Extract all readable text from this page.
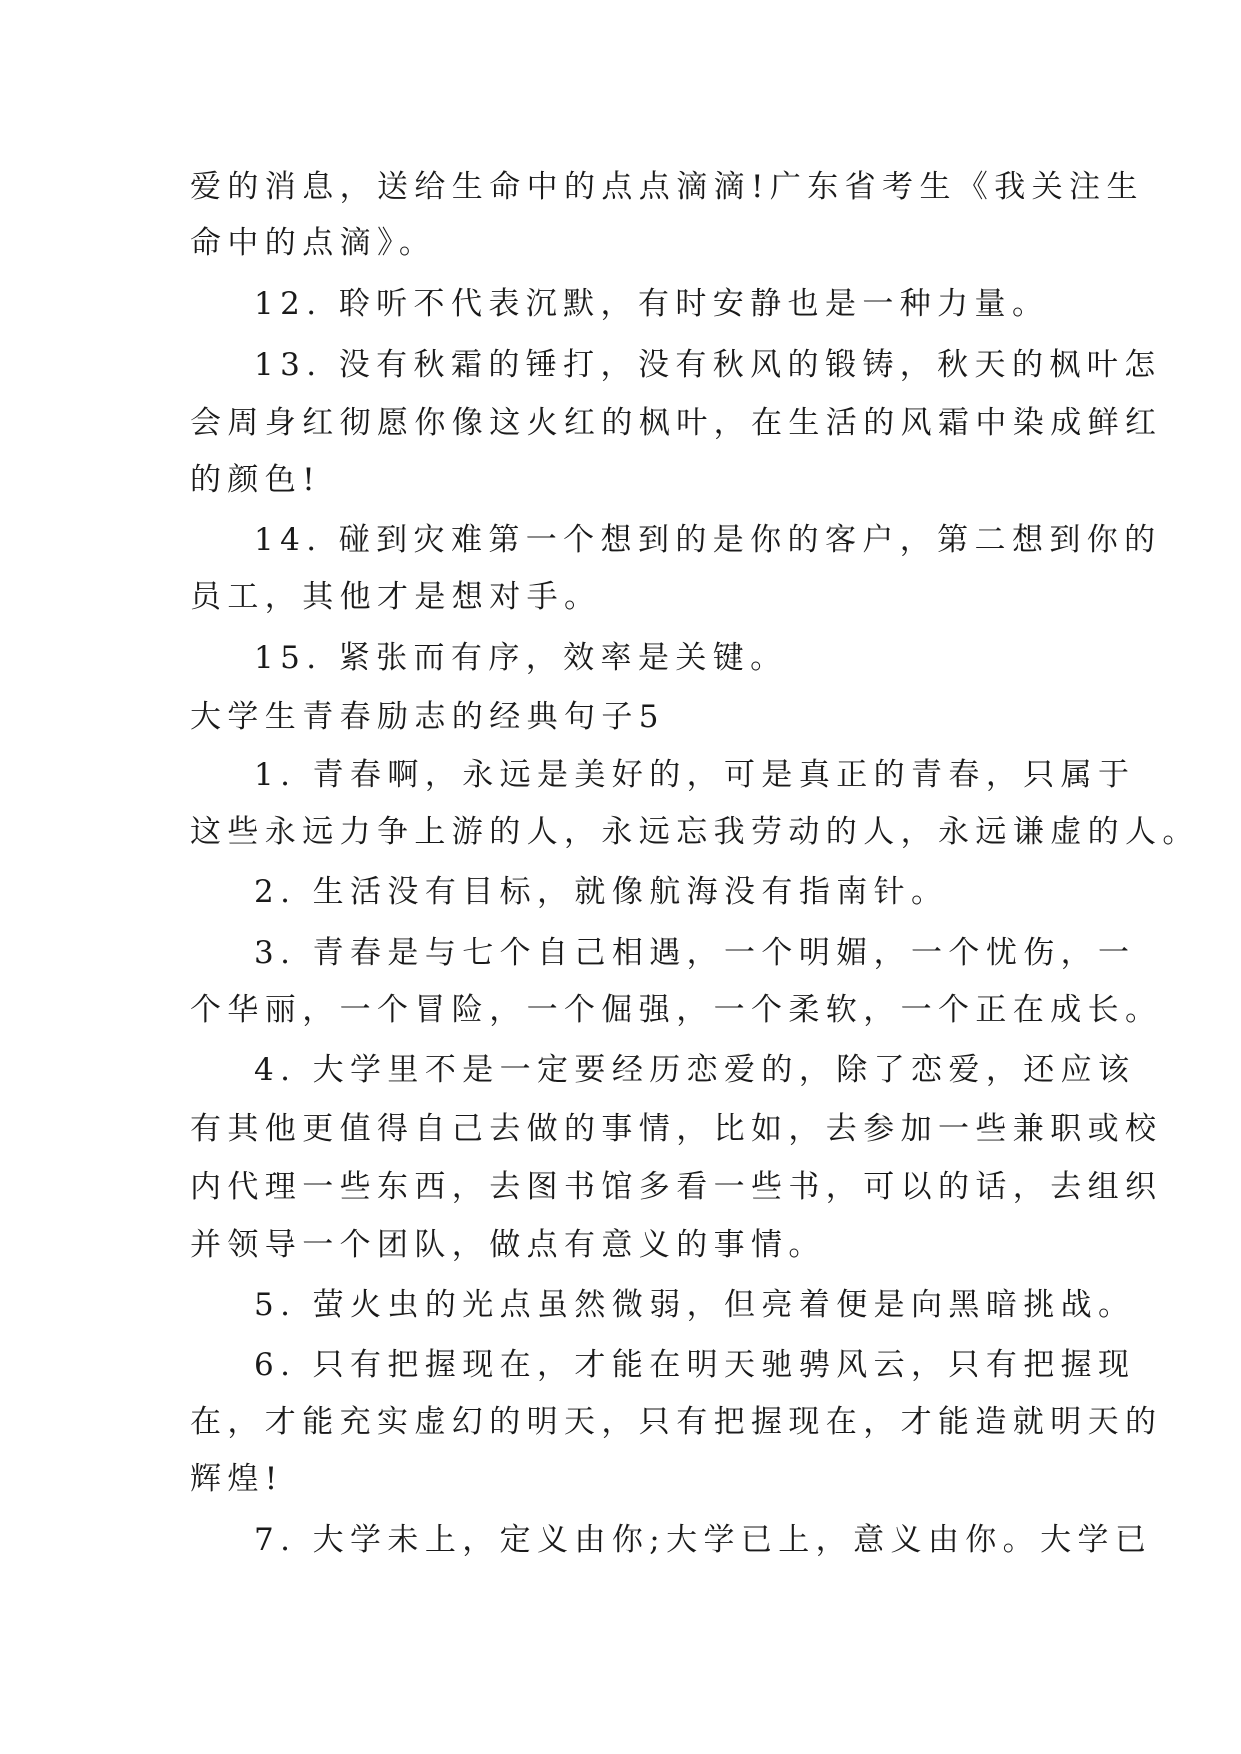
爱的消息，送给生命中的点点滴滴!广东省考生《我关注生
命中的点滴》。
12. 聆听不代表沉默，有时安静也是一种力量。
13. 没有秋霜的锤打，没有秋风的锻铸，秋天的枫叶怎
会周身红彻愿你像这火红的枫叶，在生活的风霜中染成鲜红
的颜色!
14. 碰到灾难第一个想到的是你的客户，第二想到你的
员工，其他才是想对手。
15. 紧张而有序，效率是关键。
大学生青春励志的经典句子5
1. 青春啊，永远是美好的，可是真正的青春，只属于
这些永远力争上游的人，永远忘我劳动的人，永远谦虚的人。
2. 生活没有目标，就像航海没有指南针。
3. 青春是与七个自己相遇，一个明媚，一个忧伤，一
个华丽，一个冒险，一个倔强，一个柔软，一个正在成长。
4. 大学里不是一定要经历恋爱的，除了恋爱，还应该
有其他更值得自己去做的事情，比如，去参加一些兼职或校
内代理一些东西，去图书馆多看一些书，可以的话，去组织
并领导一个团队，做点有意义的事情。
5. 萤火虫的光点虽然微弱，但亮着便是向黑暗挑战。
6. 只有把握现在，才能在明天驰骋风云，只有把握现
在，才能充实虚幻的明天，只有把握现在，才能造就明天的
辉煌!
7. 大学未上，定义由你;大学已上，意义由你。大学已
